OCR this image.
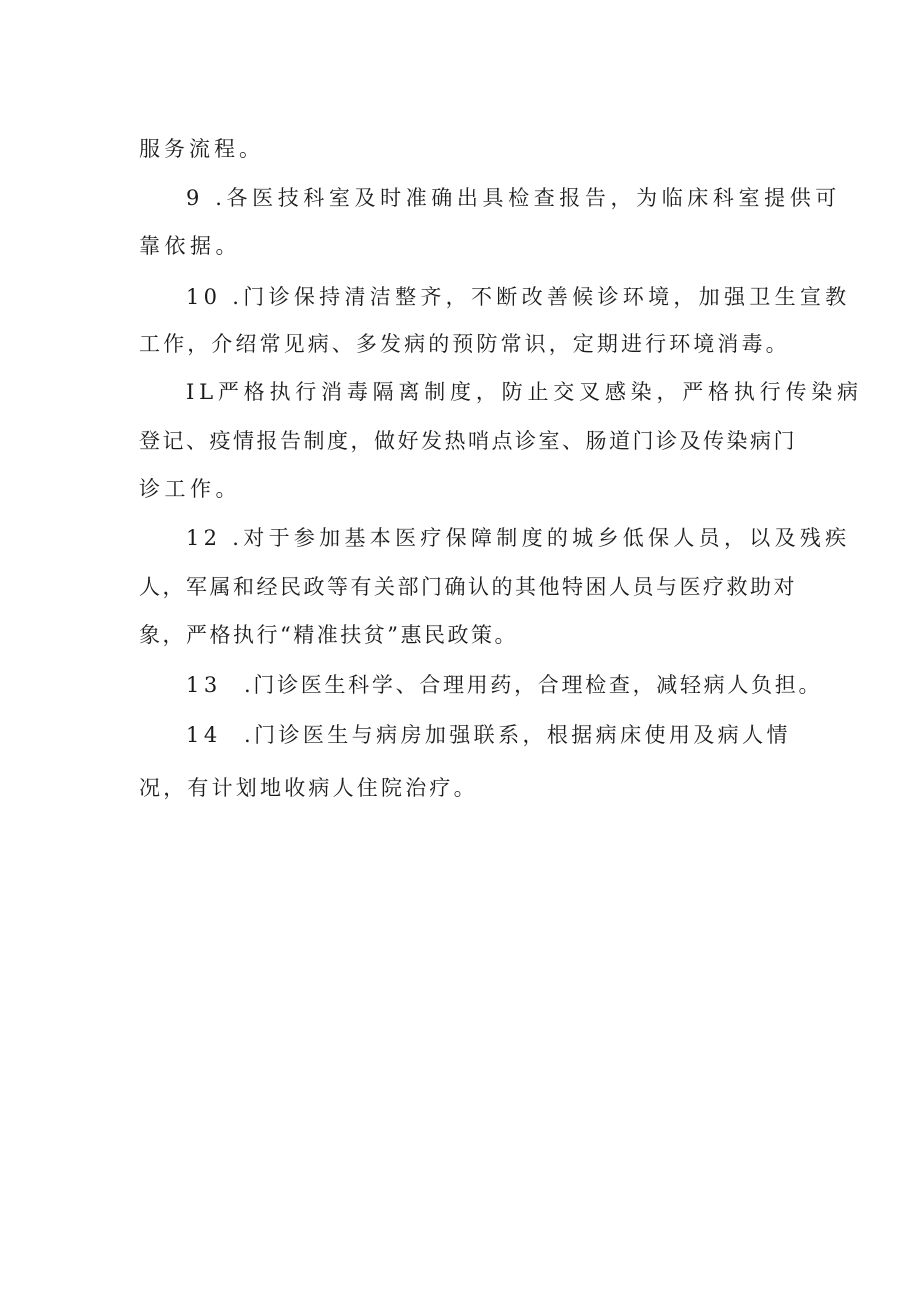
服务流程。
9 .各医技科室及时准确出具检查报告，为临床科室提供可
靠依据。
10 .门诊保持清洁整齐，不断改善候诊环境，加强卫生宣教
工作，介绍常见病、多发病的预防常识，定期进行环境消毒。
IL严格执行消毒隔离制度，防止交叉感染，严格执行传染病
登记、疫情报告制度，做好发热哨点诊室、肠道门诊及传染病门
诊工作。
12 .对于参加基本医疗保障制度的城乡低保人员，以及残疾
人，军属和经民政等有关部门确认的其他特困人员与医疗救助对
象，严格执行“精准扶贫”惠民政策。
13 .门诊医生科学、合理用药，合理检查，减轻病人负担。
14 .门诊医生与病房加强联系，根据病床使用及病人情
况，有计划地收病人住院治疗。
